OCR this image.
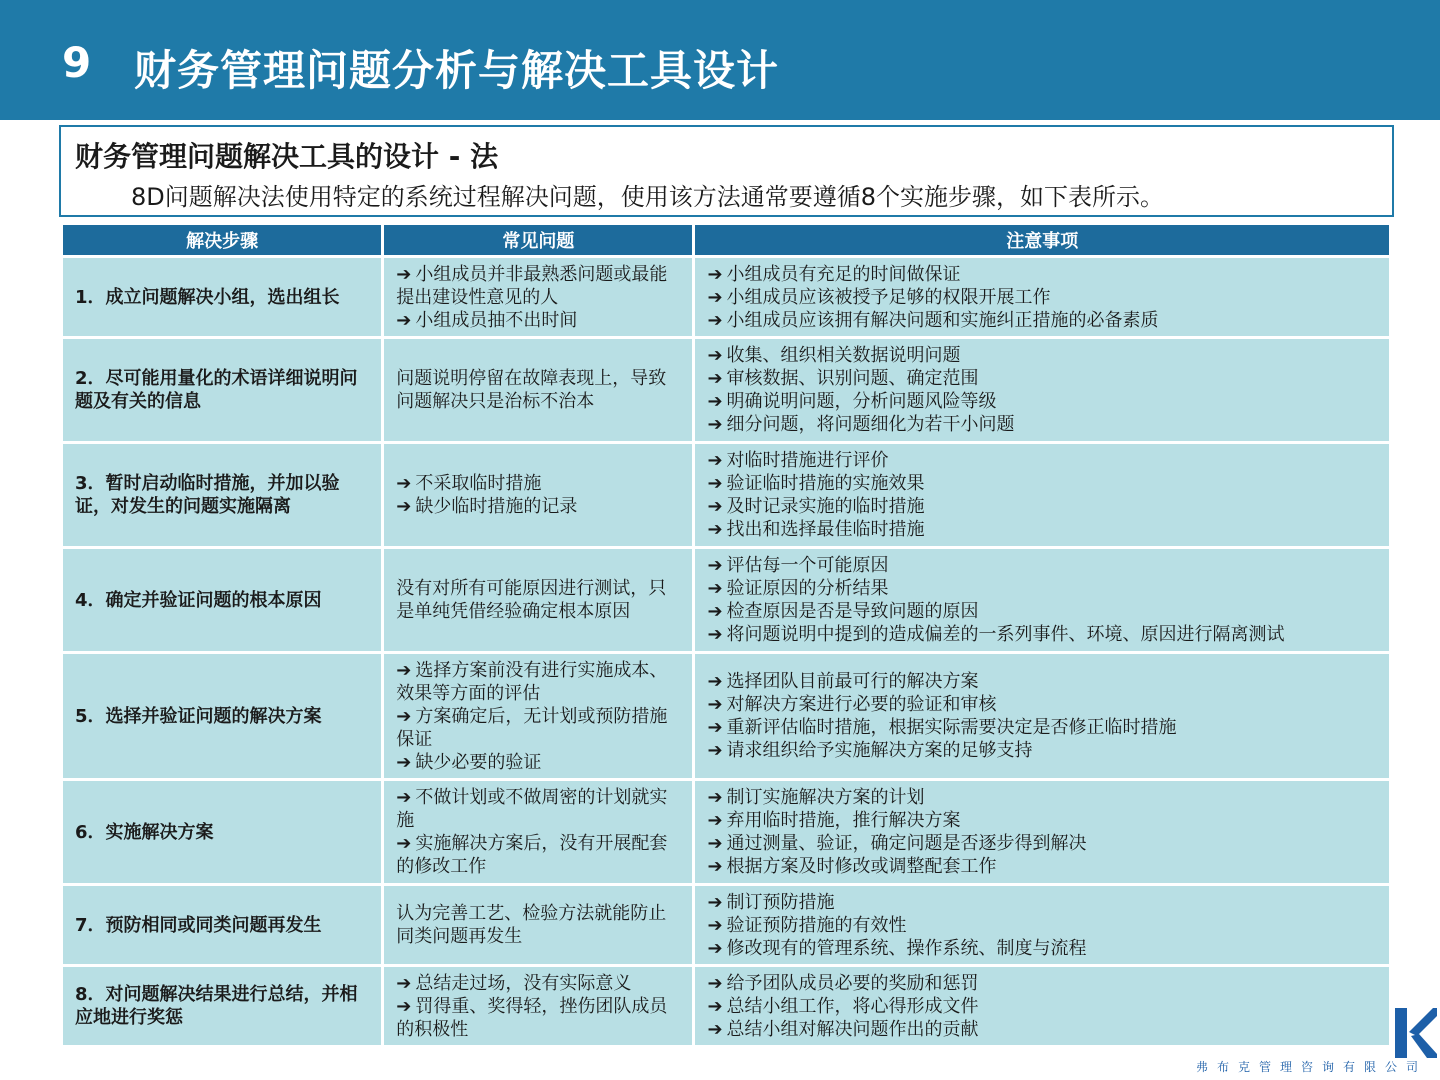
9 财务管理问题分析与解决工具设计
财务管理问题解决工具的设计 - 法
8D问题解决法使用特定的系统过程解决问题，使用该方法通常要遵循8个实施步骤，如下表所示。
解决步骤	常见问题	注意事项
1．成立问题解决小组，选出组长	➔ 小组成员并非最熟悉问题或最能提出建设性意见的人
➔ 小组成员抽不出时间	➔ 小组成员有充足的时间做保证
➔ 小组成员应该被授予足够的权限开展工作
➔ 小组成员应该拥有解决问题和实施纠正措施的必备素质

2．尽可能用量化的术语详细说明问题及有关的信息	问题说明停留在故障表现上，导致问题解决只是治标不治本	➔ 收集、组织相关数据说明问题
➔ 审核数据、识别问题、确定范围
➔ 明确说明问题，分析问题风险等级
➔ 细分问题，将问题细化为若干小问题

3．暂时启动临时措施，并加以验证，对发生的问题实施隔离	➔ 不采取临时措施
➔ 缺少临时措施的记录	➔ 对临时措施进行评价
➔ 验证临时措施的实施效果
➔ 及时记录实施的临时措施
➔ 找出和选择最佳临时措施

4．确定并验证问题的根本原因	没有对所有可能原因进行测试，只是单纯凭借经验确定根本原因	➔ 评估每一个可能原因
➔ 验证原因的分析结果
➔ 检查原因是否是导致问题的原因
➔ 将问题说明中提到的造成偏差的一系列事件、环境、原因进行隔离测试

5．选择并验证问题的解决方案	➔ 选择方案前没有进行实施成本、效果等方面的评估
➔ 方案确定后，无计划或预防措施保证
➔ 缺少必要的验证	➔ 选择团队目前最可行的解决方案
➔ 对解决方案进行必要的验证和审核
➔ 重新评估临时措施，根据实际需要决定是否修正临时措施
➔ 请求组织给予实施解决方案的足够支持

6．实施解决方案	➔ 不做计划或不做周密的计划就实施
➔ 实施解决方案后，没有开展配套的修改工作	➔ 制订实施解决方案的计划
➔ 弃用临时措施，推行解决方案
➔ 通过测量、验证，确定问题是否逐步得到解决
➔ 根据方案及时修改或调整配套工作

7．预防相同或同类问题再发生	认为完善工艺、检验方法就能防止同类问题再发生	➔ 制订预防措施
➔ 验证预防措施的有效性
➔ 修改现有的管理系统、操作系统、制度与流程

8．对问题解决结果进行总结，并相应地进行奖惩	➔ 总结走过场，没有实际意义
➔ 罚得重、奖得轻，挫伤团队成员的积极性	➔ 给予团队成员必要的奖励和惩罚
➔ 总结小组工作，将心得形成文件
➔ 总结小组对解决问题作出的贡献
弗布克管理咨询有限公司
